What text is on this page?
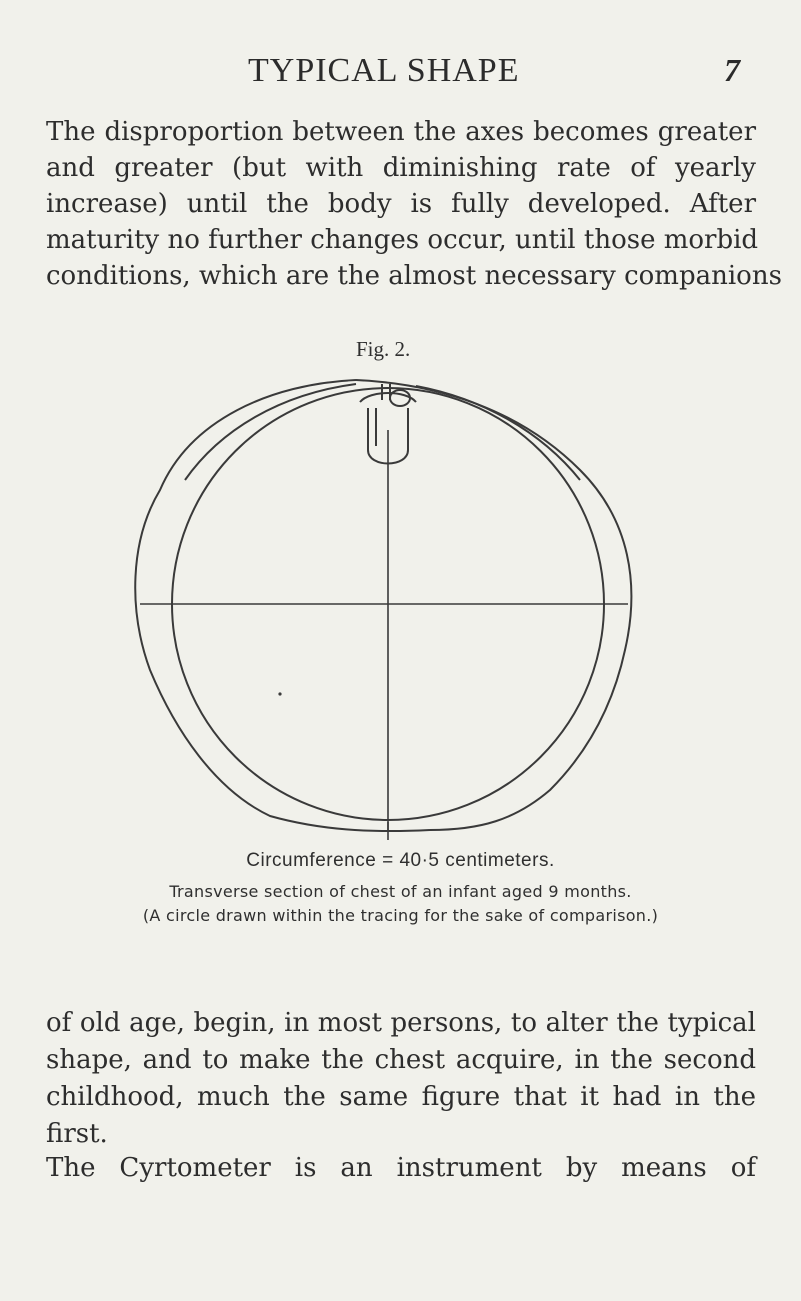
TYPICAL SHAPE	7
The disproportion between the axes becomes greater
and greater (but with diminishing rate of yearly
increase) until the body is fully developed. After
maturity no further changes occur, until those morbid
conditions, which are the almost necessary companions
Fig. 2.
Circumference = 40·5 centimeters.
Transverse section of chest of an infant aged 9 months.
(A circle drawn within the tracing for the sake of comparison.)
of old age, begin, in most persons, to alter the typical
shape, and to make the chest acquire, in the second
childhood, much the same figure that it had in the
first.
The Cyrtometer is an instrument by means of
